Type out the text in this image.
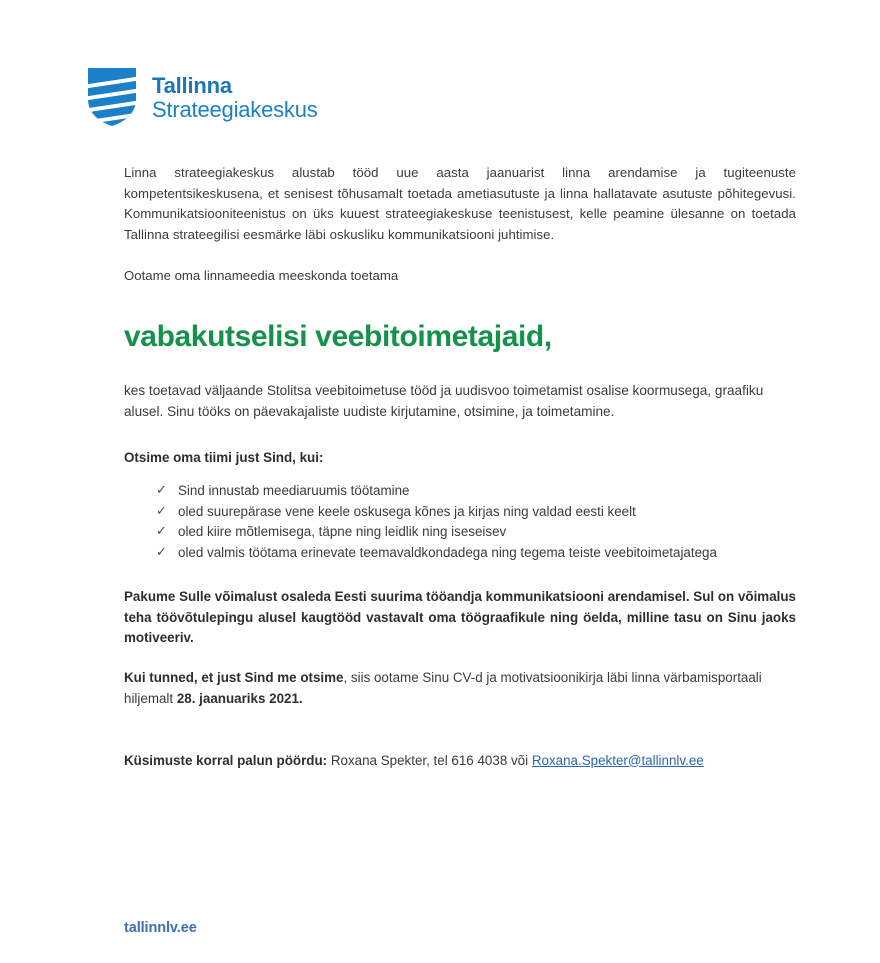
Tallinna
Strateegiakeskus

Linna strateegiakeskus alustab tööd uue aasta jaanuarist linna arendamise ja tugiteenuste kompetentsikeskusena, et senisest tõhusamalt toetada ametiasutuste ja linna hallatavate asutuste põhitegevusi. Kommunikatsiooniteenistus on üks kuuest strateegiakeskuse teenistusest, kelle peamine ülesanne on toetada Tallinna strateegilisi eesmärke läbi oskusliku kommunikatsiooni juhtimise.

Ootame oma linnameedia meeskonda toetama

vabakutselisi veebitoimetajaid,

kes toetavad väljaande Stolitsa veebitoimetuse tööd ja uudisvoo toimetamist osalise koormusega, graafiku alusel. Sinu tööks on päevakajaliste uudiste kirjutamine, otsimine, ja toimetamine.

Otsime oma tiimi just Sind, kui:

✓ Sind innustab meediaruumis töötamine
✓ oled suurepärase vene keele oskusega kõnes ja kirjas ning valdad eesti keelt
✓ oled kiire mõtlemisega, täpne ning leidlik ning iseseisev
✓ oled valmis töötama erinevate teemavaldkondadega ning tegema teiste veebitoimetajatega

Pakume Sulle võimalust osaleda Eesti suurima tööandja kommunikatsiooni arendamisel. Sul on võimalus teha töövõtulepingu alusel kaugtööd vastavalt oma töögraafikule ning öelda, milline tasu on Sinu jaoks motiveeriv.

Kui tunned, et just Sind me otsime, siis ootame Sinu CV-d ja motivatsioonikirja läbi linna värbamisportaali hiljemalt 28. jaanuariks 2021.

Küsimuste korral palun pöördu: Roxana Spekter, tel 616 4038 või Roxana.Spekter@tallinnlv.ee

tallinnlv.ee
